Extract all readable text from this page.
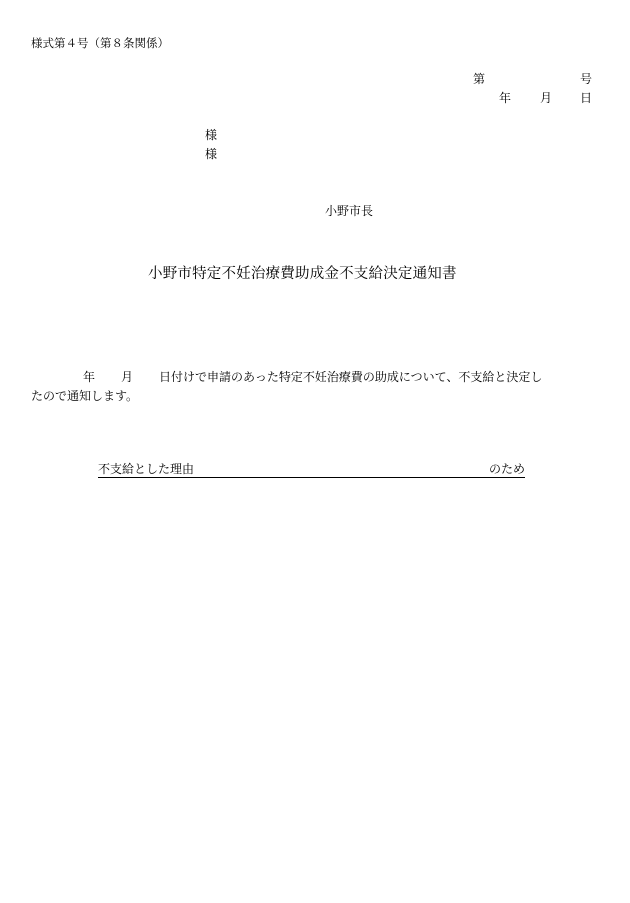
様式第４号（第８条関係）
第	号
年 月 日
様
様
小野市長
小野市特定不妊治療費助成金不支給決定通知書
年 月 日付けで申請のあった特定不妊治療費の助成について、不支給と決定し
たので通知します。
不支給とした理由	のため
